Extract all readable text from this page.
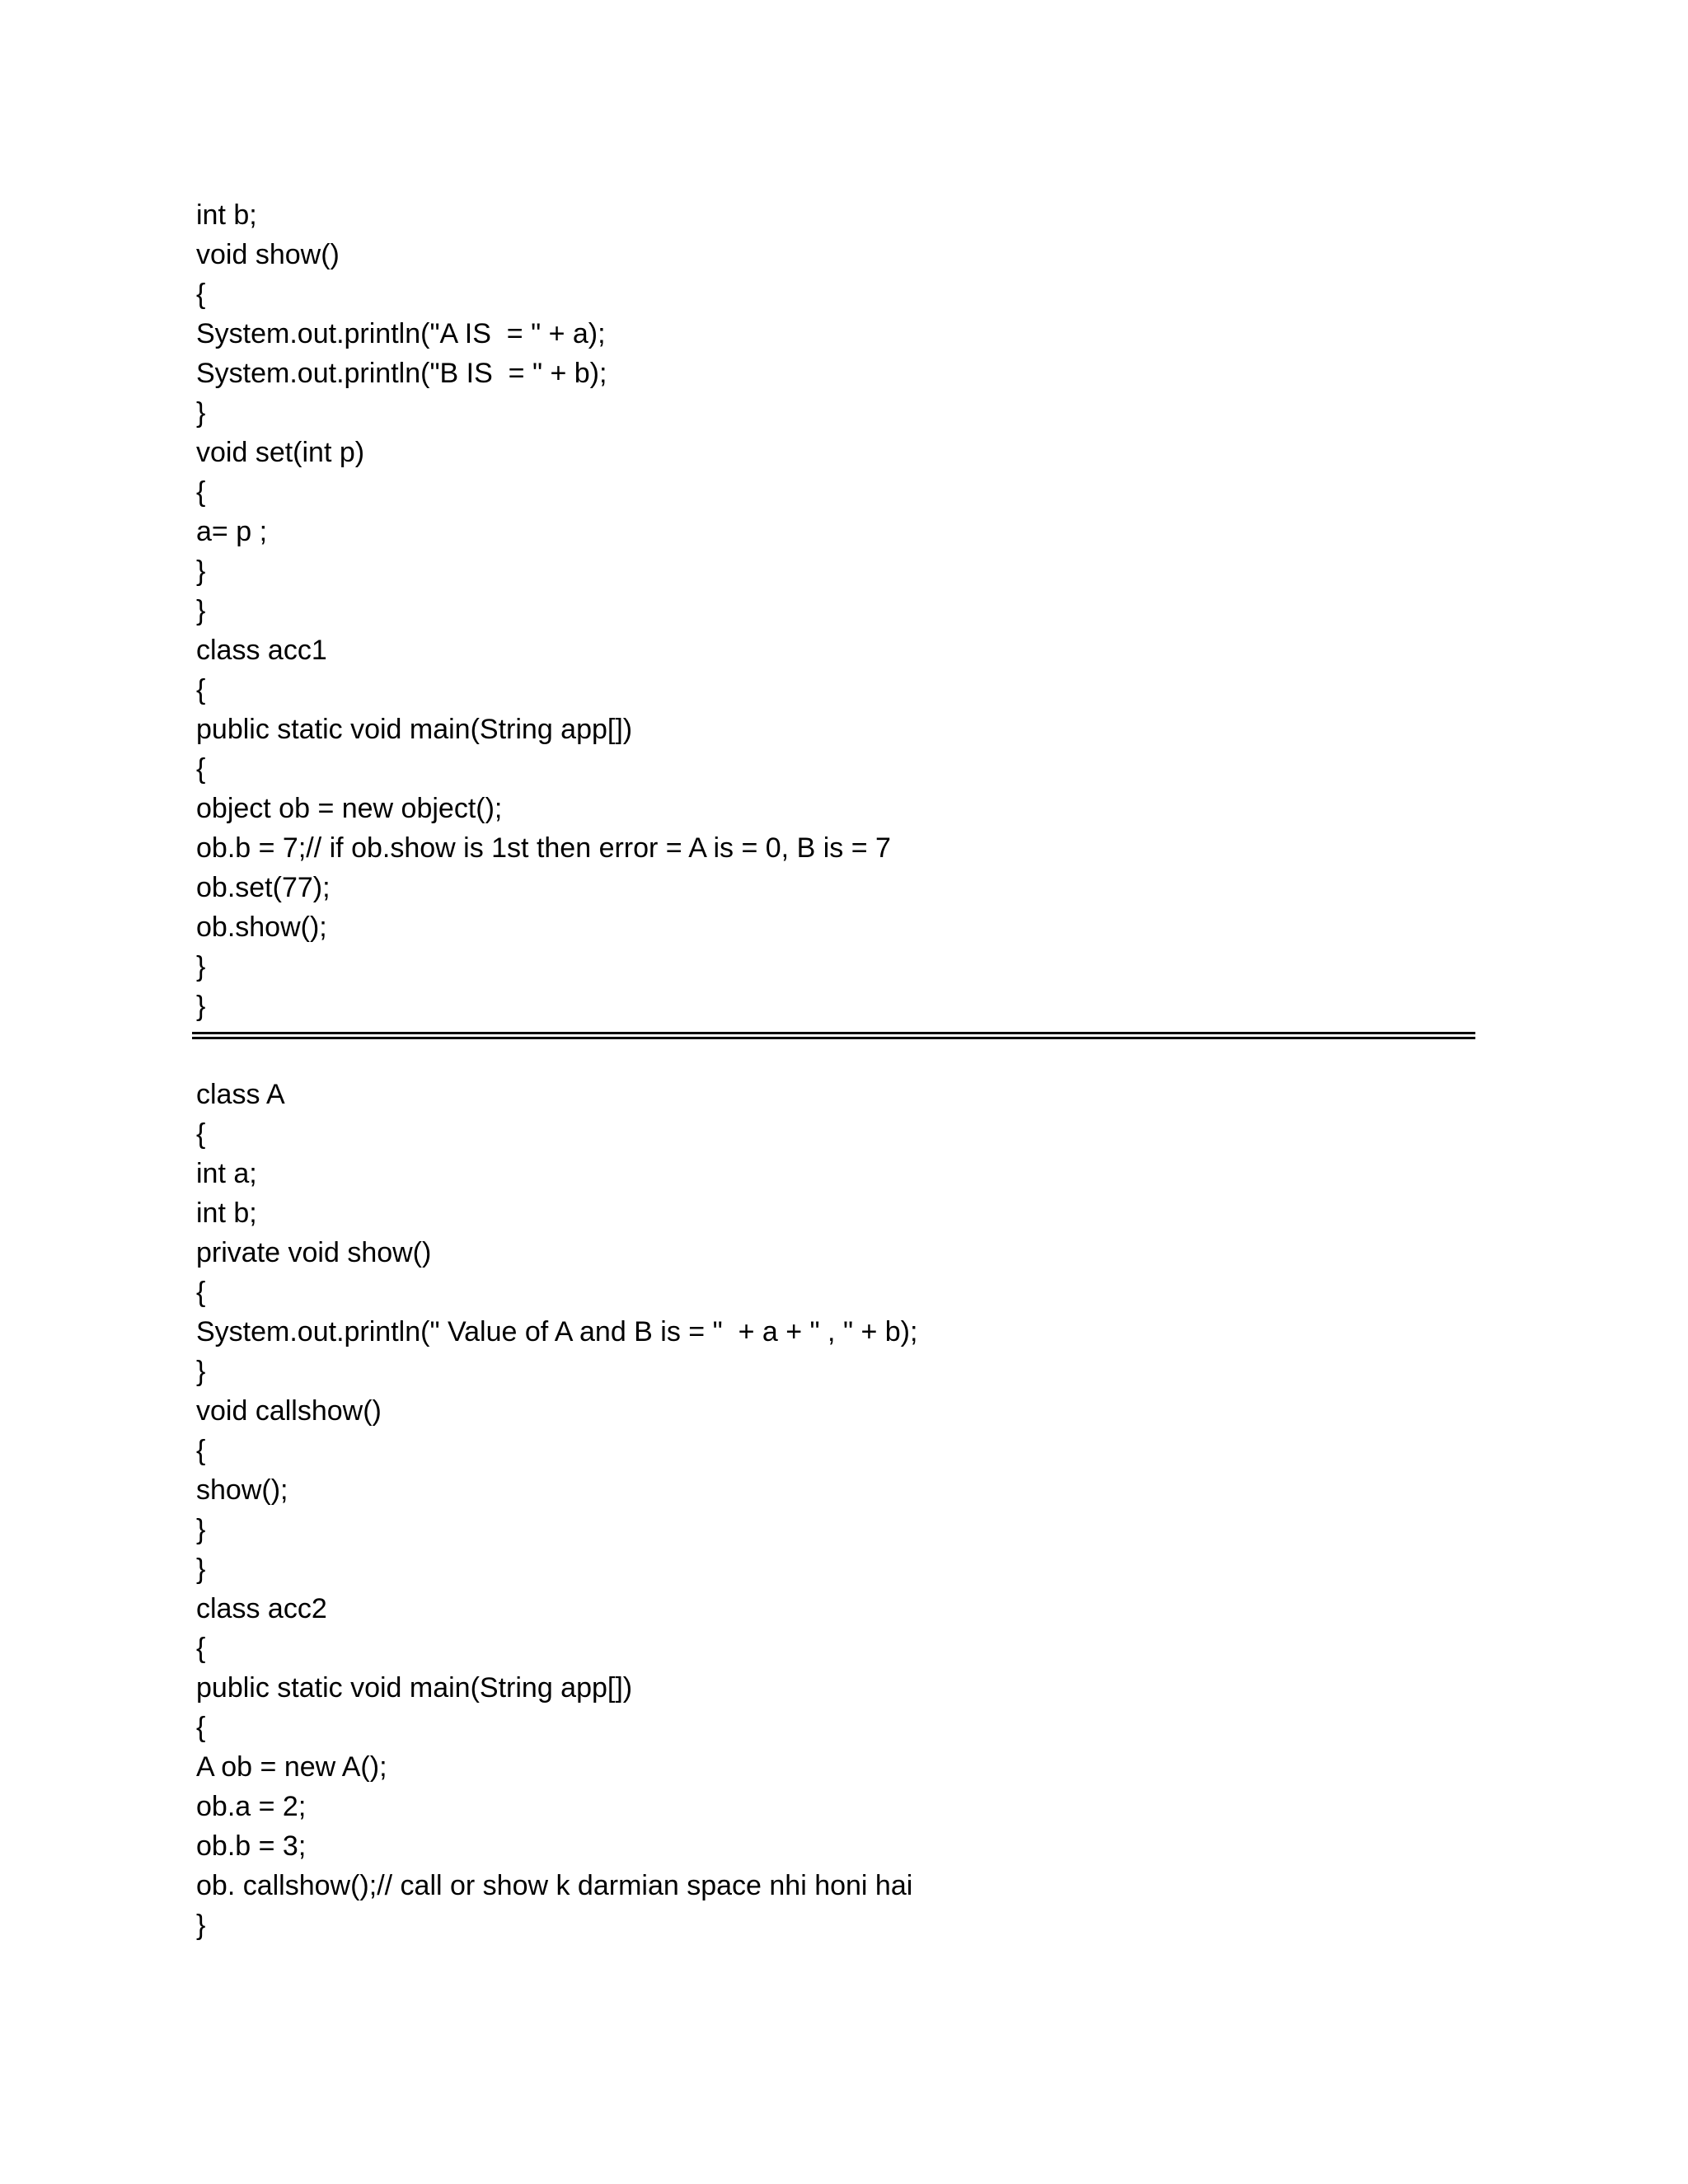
int b;
void show()
{
System.out.println("A IS  = " + a);
System.out.println("B IS  = " + b);
}
void set(int p)
{
a= p ;
}
}
class acc1
{
public static void main(String app[])
{
object ob = new object();
ob.b = 7;// if ob.show is 1st then error = A is = 0, B is = 7
ob.set(77);
ob.show();
}
}
class A
{
int a;
int b;
private void show()
{
System.out.println(" Value of A and B is = "  + a + " , " + b);
}
void callshow()
{
show();
}
}
class acc2
{
public static void main(String app[])
{
A ob = new A();
ob.a = 2;
ob.b = 3;
ob. callshow();// call or show k darmian space nhi honi hai
}
